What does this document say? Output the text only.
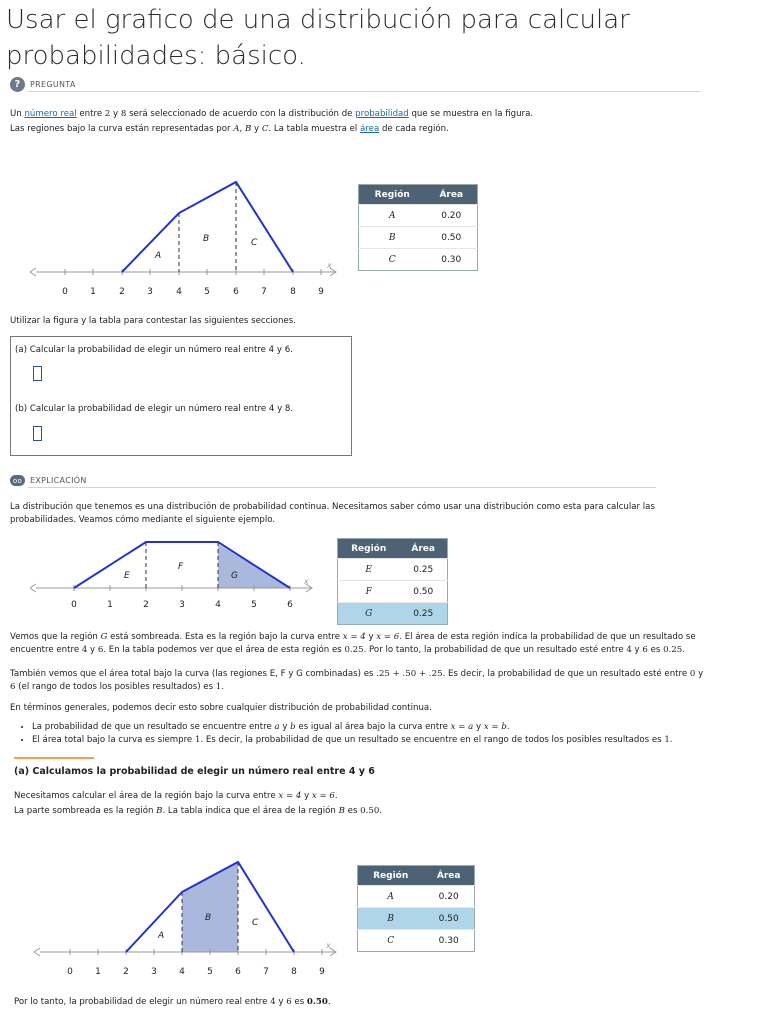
Usar el grafico de una distribución para calcular probabilidades: básico.
?	PREGUNTA
Un número real entre 2 y 8 será seleccionado de acuerdo con la distribución de probabilidad que se muestra en la figura.
Las regiones bajo la curva están representadas por A, B y C. La tabla muestra el área de cada región.
0 1	2 3	4 5	6 7	8 9
x
A
B	C
Región	Área
A	0.20
B	0.50
C	0.30
Utilizar la figura y la tabla para contestar las siguientes secciones.
(a) Calcular la probabilidad de elegir un número real entre 4 y 6.
(b) Calcular la probabilidad de elegir un número real entre 4 y 8.
oo EXPLICACIÓN
La distribución que tenemos es una distribución de probabilidad continua. Necesitamos saber cómo usar una distribución como esta para calcular las probabilidades. Veamos cómo mediante el siguiente ejemplo.
0	1	2	3	4	5	6
x
E
F
G
Región	Área
E	0.25
F	0.50
G	0.25
Vemos que la región G está sombreada. Esta es la región bajo la curva entre x = 4 y x = 6. El área de esta región indica la probabilidad de que un resultado se encuentre entre 4 y 6. En la tabla podemos ver que el área de esta región es 0.25. Por lo tanto, la probabilidad de que un resultado esté entre 4 y 6 es 0.25.
También vemos que el área total bajo la curva (las regiones E, F y G combinadas) es .25 + .50 + .25. Es decir, la probabilidad de que un resultado esté entre 0 y 6 (el rango de todos los posibles resultados) es 1.
En términos generales, podemos decir esto sobre cualquier distribución de probabilidad continua.
• La probabilidad de que un resultado se encuentre entre a y b es igual al área bajo la curva entre x = a y x = b.
• El área total bajo la curva es siempre 1. Es decir, la probabilidad de que un resultado se encuentre en el rango de todos los posibles resultados es 1.
(a) Calculamos la probabilidad de elegir un número real entre 4 y 6
Necesitamos calcular el área de la región bajo la curva entre x = 4 y x = 6.
La parte sombreada es la región B. La tabla indica que el área de la región B es 0.50.
0 1 2 3 4 5 6 7 8 9
x
A
B	C
Región	Área
A	0.20
B	0.50
C	0.30
Por lo tanto, la probabilidad de elegir un número real entre 4 y 6 es 0.50.
